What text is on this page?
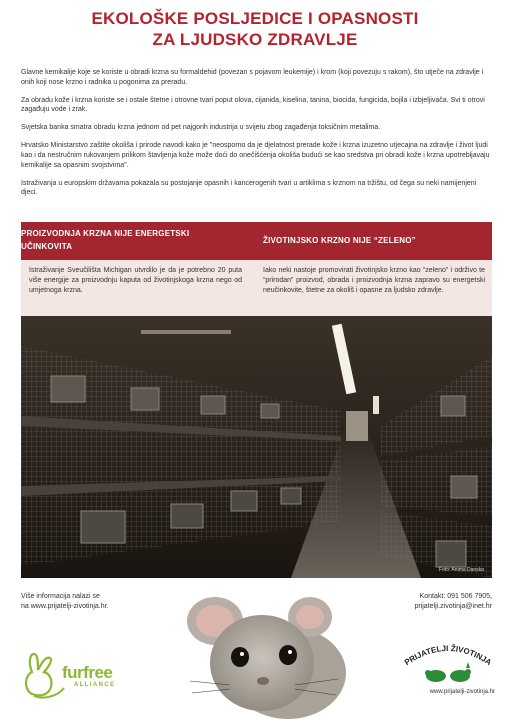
EKOLOŠKE POSLJEDICE I OPASNOSTI
ZA LJUDSKO ZDRAVLJE

Glavne kemikalije koje se koriste u obradi krzna su formaldehid (povezan s pojavom leukemije) i krom (koji povezuju s rakom), što utječe na zdravlje i onih koji nose krzno i radnika u pogonima za preradu.

Za obradu kože i krzna koriste se i ostale štetne i otrovne tvari poput olova, cijanida, kiselina, tanina, biocida, fungicida, bojila i izbjeljivača. Svi ti otrovi zagađuju vode i zrak.

Svjetska banka smatra obradu krzna jednom od pet najgorih industrija u svijetu zbog zagađenja toksičnim metalima.

Hrvatsko Ministarstvo zaštite okoliša i prirode navodi kako je ''neosporno da je djelatnost prerade kože i krzna izuzetno utjecajna na zdravlje i život ljudi kao i da nestručnim rukovanjem prilikom štavljenja kože može doći do onečišćenja okoliša budući se kao sredstva pri obradi kože i krzna upotrebljavaju kemikalije sa opasnim svojstvima''.

Istraživanja u europskim državama pokazala su postojanje opasnih i kancerogenih tvari u artiklima s krznom na tržištu, od čega su neki namijenjeni djeci.

PROIZVODNJA KRZNA NIJE ENERGETSKI
UČINKOVITA
ŽIVOTINJSKO KRZNO NIJE “ZELENO”
Istraživanje Sveučilišta Michigan utvrdilo je da je potrebno 20 puta više energije za proizvodnju kaputa od životinjskoga krzna nego od umjetnoga krzna.
Iako neki nastoje promovirati životinjsko krzno kao “zeleno” i održivo te “prirodan” proizvod, obrada i proizvodnja krzna zapravo su energetski neučinkovite, štetne za okoliš i opasne za ljudsko zdravlje.
Foto: Anima Danska
Više informacija nalazi se
na www.prijatelji-zivotinja.hr.
Kontakt: 091 506 7905,
prijatelji.zivotinja@inet.hr
furfree
ALLIANCE
PRIJATELJI ŽIVOTINJA
www.prijatelji-zivotinja.hr
